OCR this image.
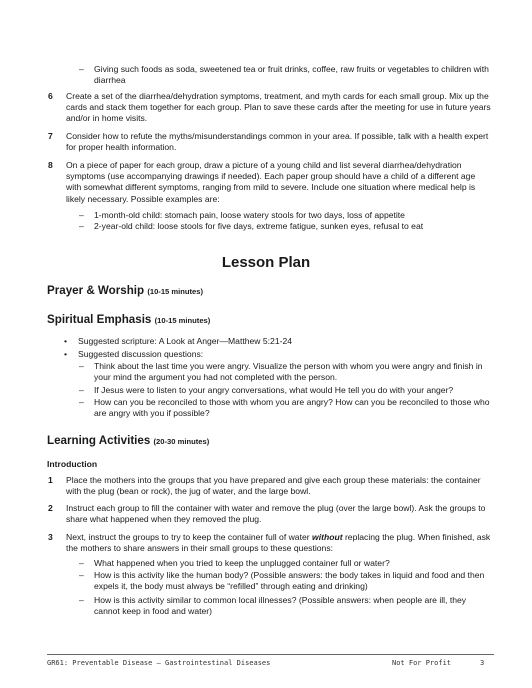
– Giving such foods as soda, sweetened tea or fruit drinks, coffee, raw fruits or vegetables to children with diarrhea
6	Create a set of the diarrhea/dehydration symptoms, treatment, and myth cards for each small group. Mix up the cards and stack them together for each group. Plan to save these cards after the meeting for use in future years and/or in home visits.
7	Consider how to refute the myths/misunderstandings common in your area. If possible, talk with a health expert for proper health information.
8	On a piece of paper for each group, draw a picture of a young child and list several diarrhea/dehydration symptoms (use accompanying drawings if needed). Each paper group should have a child of a different age with somewhat different symptoms, ranging from mild to severe. Include one situation where medical help is likely necessary. Possible examples are:
– 1-month-old child: stomach pain, loose watery stools for two days, loss of appetite
– 2-year-old child: loose stools for five days, extreme fatigue, sunken eyes, refusal to eat
Lesson Plan
Prayer & Worship (10-15 minutes)
Spiritual Emphasis (10-15 minutes)
• Suggested scripture: A Look at Anger—Matthew 5:21-24
• Suggested discussion questions:
– Think about the last time you were angry. Visualize the person with whom you were angry and finish in your mind the argument you had not completed with the person.
– If Jesus were to listen to your angry conversations, what would He tell you do with your anger?
– How can you be reconciled to those with whom you are angry? How can you be reconciled to those who are angry with you if possible?
Learning Activities (20-30 minutes)
Introduction
1	Place the mothers into the groups that you have prepared and give each group these materials: the container with the plug (bean or rock), the jug of water, and the large bowl.
2	Instruct each group to fill the container with water and remove the plug (over the large bowl). Ask the groups to share what happened when they removed the plug.
3	Next, instruct the groups to try to keep the container full of water without replacing the plug. When finished, ask the mothers to share answers in their small groups to these questions:
– What happened when you tried to keep the unplugged container full or water?
– How is this activity like the human body? (Possible answers: the body takes in liquid and food and then expels it, the body must always be “refilled” through eating and drinking)
– How is this activity similar to common local illnesses? (Possible answers: when people are ill, they cannot keep in food and water)
GR61: Preventable Disease – Gastrointestinal Diseases	Not For Profit	3
